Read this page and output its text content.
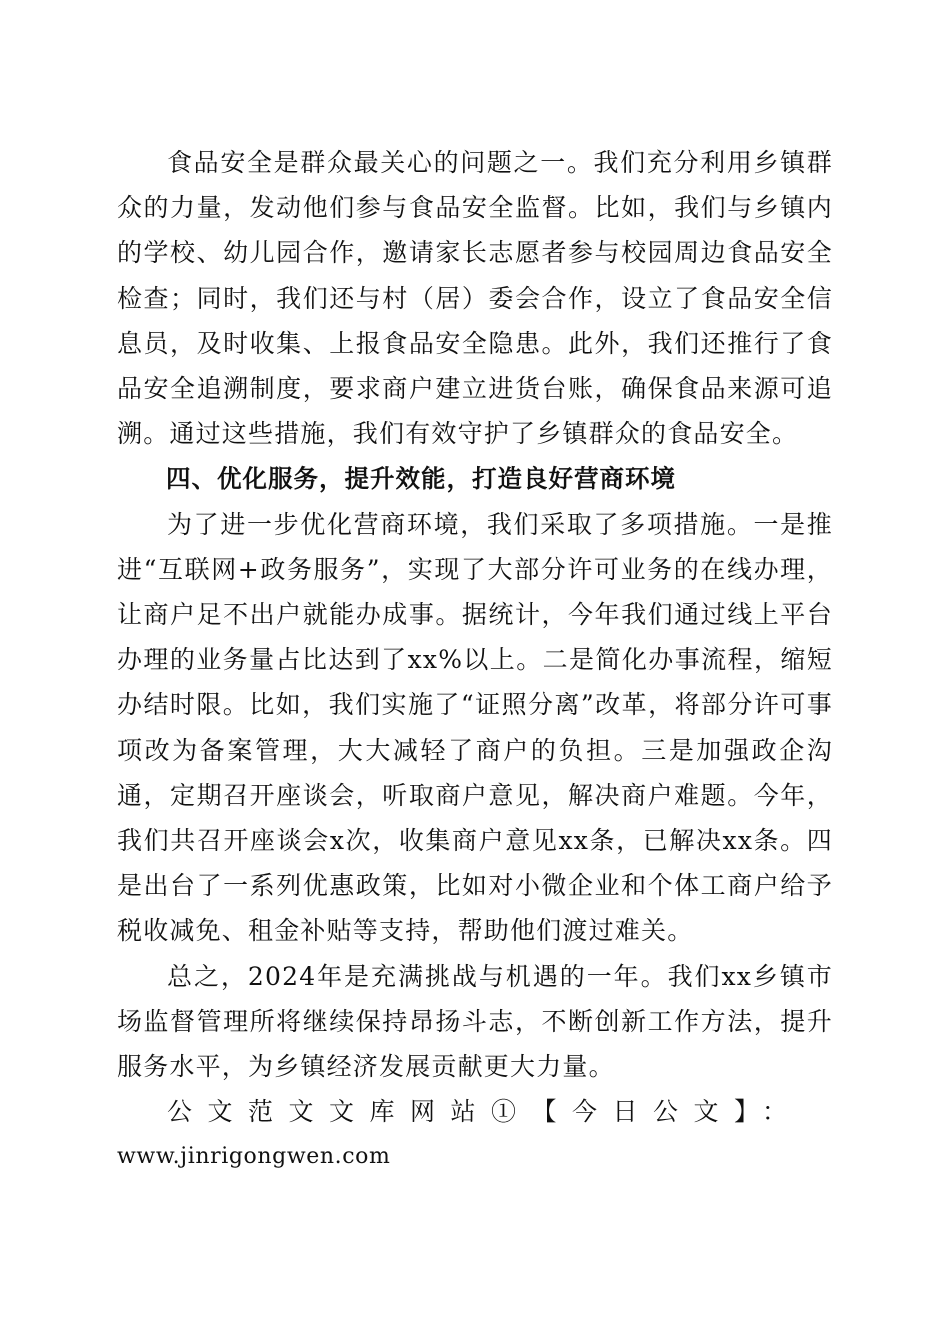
食品安全是群众最关心的问题之一。我们充分利用乡镇群众的力量，发动他们参与食品安全监督。比如，我们与乡镇内的学校、幼儿园合作，邀请家长志愿者参与校园周边食品安全检查；同时，我们还与村（居）委会合作，设立了食品安全信息员，及时收集、上报食品安全隐患。此外，我们还推行了食品安全追溯制度，要求商户建立进货台账，确保食品来源可追溯。通过这些措施，我们有效守护了乡镇群众的食品安全。

四、优化服务，提升效能，打造良好营商环境

为了进一步优化营商环境，我们采取了多项措施。一是推进“互联网+政务服务”，实现了大部分许可业务的在线办理，让商户足不出户就能办成事。据统计，今年我们通过线上平台办理的业务量占比达到了xx%以上。二是简化办事流程，缩短办结时限。比如，我们实施了“证照分离”改革，将部分许可事项改为备案管理，大大减轻了商户的负担。三是加强政企沟通，定期召开座谈会，听取商户意见，解决商户难题。今年，我们共召开座谈会x次，收集商户意见xx条，已解决xx条。四是出台了一系列优惠政策，比如对小微企业和个体工商户给予税收减免、租金补贴等支持，帮助他们渡过难关。

总之，2024年是充满挑战与机遇的一年。我们xx乡镇市场监督管理所将继续保持昂扬斗志，不断创新工作方法，提升服务水平，为乡镇经济发展贡献更大力量。

公文范文文库网站①【今日公文】：

www.jinrigongwen.com
